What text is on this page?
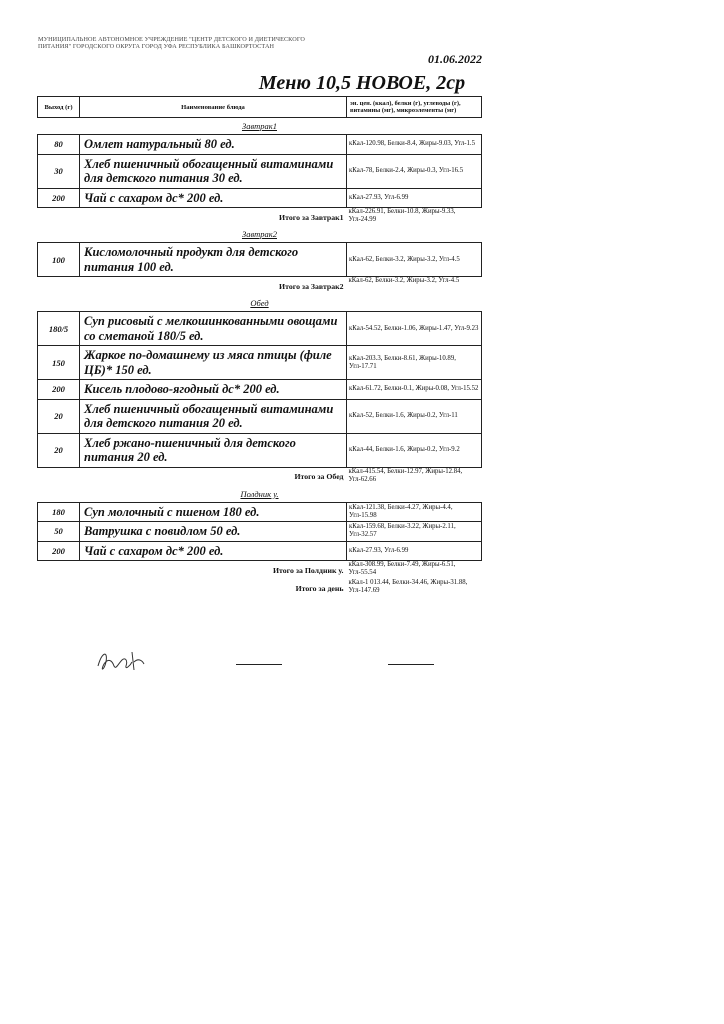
МУНИЦИПАЛЬНОЕ АВТОНОМНОЕ УЧРЕЖДЕНИЕ "ЦЕНТР ДЕТСКОГО И ДИЕТИЧЕСКОГО ПИТАНИЯ" ГОРОДСКОГО ОКРУГА ГОРОД УФА РЕСПУБЛИКА БАШКОРТОСТАН
01.06.2022
Меню 10,5 НОВОЕ, 2ср
Выход (г)	Наименование блюда	эн. цен. (ккал), белки (г), углеводы (г), витамины (мг), микроэлементы (мг)
Завтрак1		
80	Омлет натуральный 80 ед.	кКал-120.98, Белки-8.4, Жиры-9.03, Угл-1.5
30	Хлеб пшеничный обогащенный витаминами для детского питания 30 ед.	кКал-78, Белки-2.4, Жиры-0.3, Угл-16.5
200	Чай с сахаром дс* 200 ед.	кКал-27.93, Угл-6.99
Итого за Завтрак1		кКал-226.91, Белки-10.8, Жиры-9.33, Угл-24.99
Завтрак2		
100	Кисломолочный продукт для детского питания 100 ед.	кКал-62, Белки-3.2, Жиры-3.2, Угл-4.5
Итого за Завтрак2		кКал-62, Белки-3.2, Жиры-3.2, Угл-4.5
Обед		
180/5	Суп рисовый с мелкошинкованными овощами со сметаной 180/5 ед.	кКал-54.52, Белки-1.06, Жиры-1.47, Угл-9.23
150	Жаркое по-домашнему из мяса птицы (филе ЦБ)* 150 ед.	кКал-203.3, Белки-8.61, Жиры-10.89, Угл-17.71
200	Кисель плодово-ягодный дс* 200 ед.	кКал-61.72, Белки-0.1, Жиры-0.08, Угл-15.52
20	Хлеб пшеничный обогащенный витаминами для детского питания 20 ед.	кКал-52, Белки-1.6, Жиры-0.2, Угл-11
20	Хлеб ржано-пшеничный для детского питания 20 ед.	кКал-44, Белки-1.6, Жиры-0.2, Угл-9.2
Итого за Обед		кКал-415.54, Белки-12.97, Жиры-12.84, Угл-62.66
Полдник у.		
180	Суп молочный с пшеном 180 ед.	кКал-121.38, Белки-4.27, Жиры-4.4, Угл-15.98
50	Ватрушка с повидлом 50 ед.	кКал-159.68, Белки-3.22, Жиры-2.11, Угл-32.57
200	Чай с сахаром дс* 200 ед.	кКал-27.93, Угл-6.99
Итого за Полдник у.		кКал-308.99, Белки-7.49, Жиры-6.51, Угл-55.54
Итого за день		кКал-1 013.44, Белки-34.46, Жиры-31.88, Угл-147.69
